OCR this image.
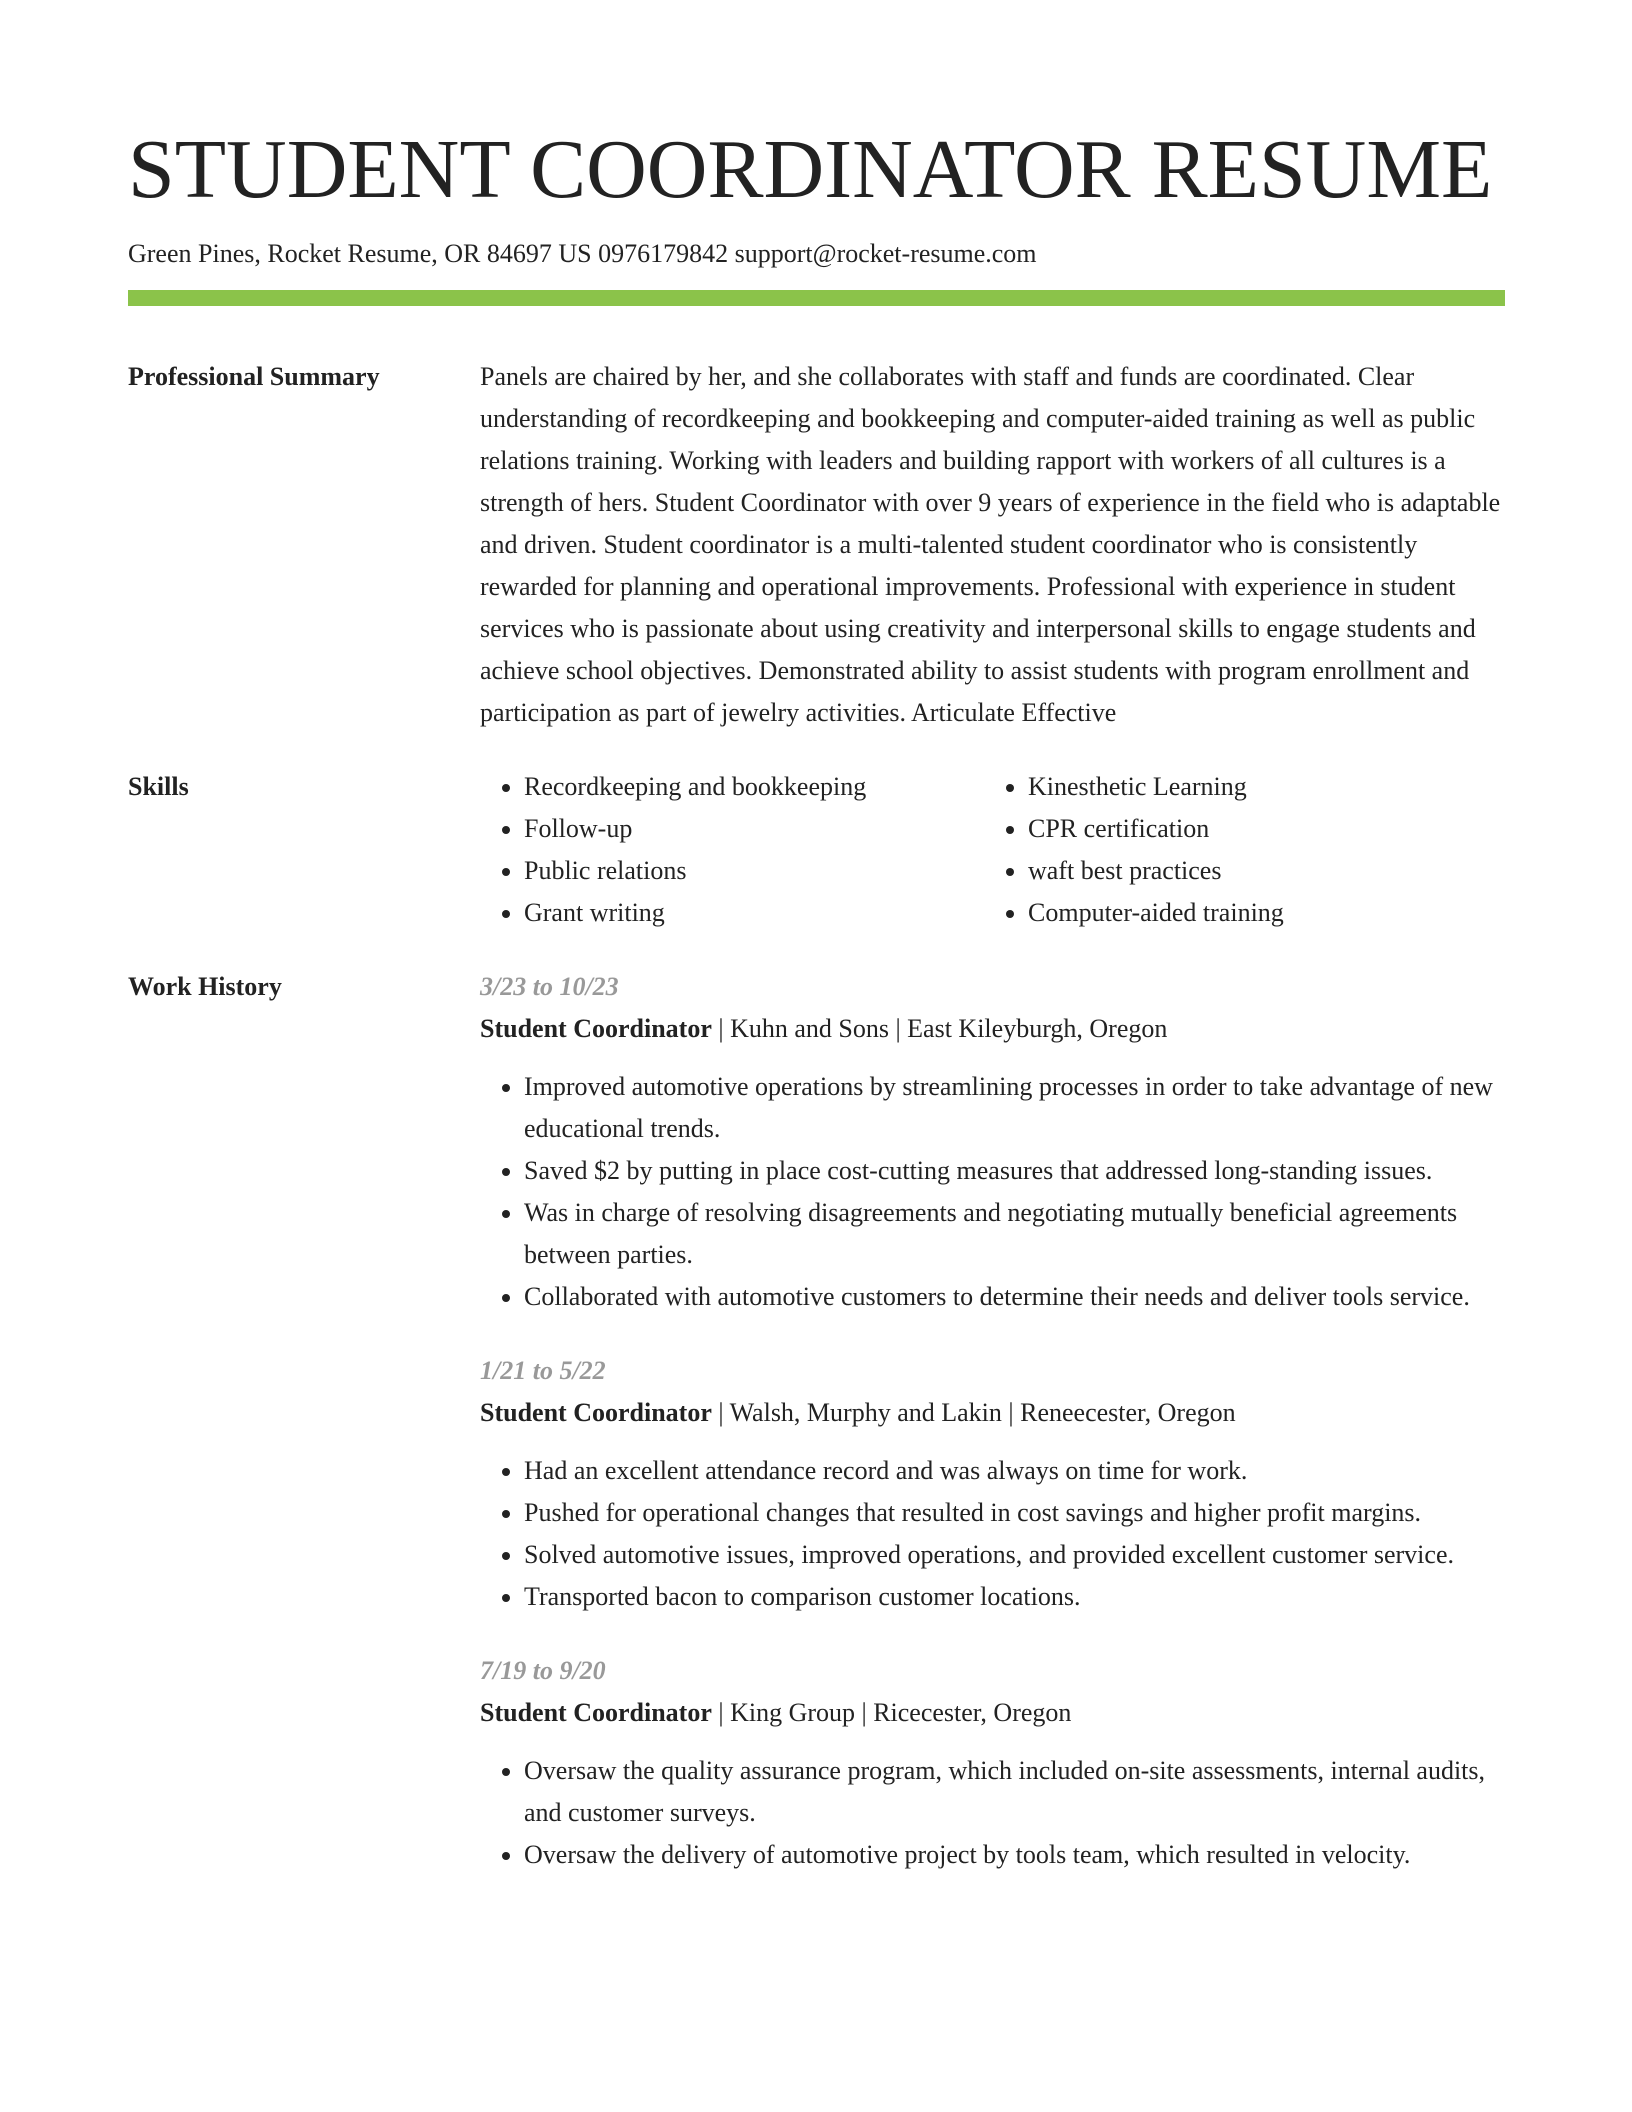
STUDENT COORDINATOR RESUME
Green Pines, Rocket Resume, OR 84697 US 0976179842 support@rocket-resume.com
Professional Summary	Panels are chaired by her, and she collaborates with staff and funds are coordinated. Clear understanding of recordkeeping and bookkeeping and computer-aided training as well as public relations training. Working with leaders and building rapport with workers of all cultures is a strength of hers. Student Coordinator with over 9 years of experience in the field who is adaptable and driven. Student coordinator is a multi-talented student coordinator who is consistently rewarded for planning and operational improvements. Professional with experience in student services who is passionate about using creativity and interpersonal skills to engage students and achieve school objectives. Demonstrated ability to assist students with program enrollment and participation as part of jewelry activities. Articulate Effective

Skills
•	Recordkeeping and bookkeeping
• Follow-up
• Public relations
• Grant writing
• Kinesthetic Learning
• CPR certification
• waft best practices
• Computer-aided training
Work History	3/23 to 10/23
Student Coordinator | Kuhn and Sons | East Kileyburgh, Oregon
• Improved automotive operations by streamlining processes in order to take advantage of new educational trends.
• Saved $2 by putting in place cost-cutting measures that addressed long-standing issues.
• Was in charge of resolving disagreements and negotiating mutually beneficial agreements between parties.
• Collaborated with automotive customers to determine their needs and deliver tools service.
1/21 to 5/22
Student Coordinator | Walsh, Murphy and Lakin | Reneecester, Oregon
• Had an excellent attendance record and was always on time for work.
• Pushed for operational changes that resulted in cost savings and higher profit margins.
• Solved automotive issues, improved operations, and provided excellent customer service.
• Transported bacon to comparison customer locations.
7/19 to 9/20
Student Coordinator | King Group | Ricecester, Oregon
• Oversaw the quality assurance program, which included on-site assessments, internal audits, and customer surveys.
• Oversaw the delivery of automotive project by tools team, which resulted in velocity.
